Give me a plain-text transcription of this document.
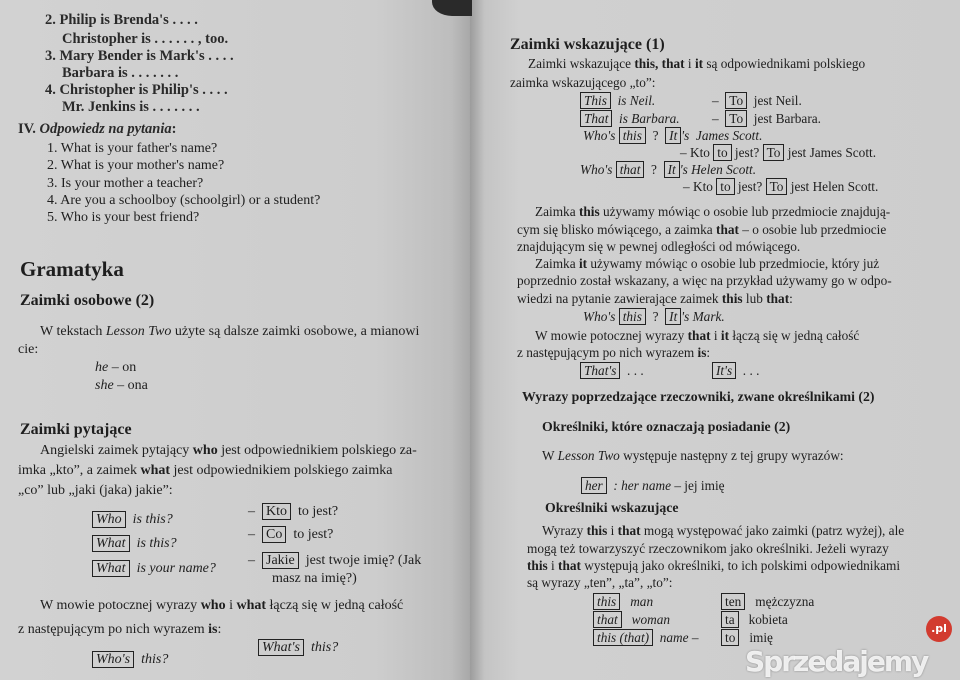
2. Philip is Brenda's . . . .
Christopher is . . . . . . , too.
3. Mary Bender is Mark's . . . .
Barbara is . . . . . . .
4. Christopher is Philip's . . . .
Mr. Jenkins is . . . . . . .
IV. Odpowiedz na pytania:
1. What is your father's name?
2. What is your mother's name?
3. Is your mother a teacher?
4. Are you a schoolboy (schoolgirl) or a student?
5. Who is your best friend?
Gramatyka
Zaimki osobowe (2)
W tekstach Lesson Two użyte są dalsze zaimki osobowe, a mianowi
cie:
he – on
she – ona
Zaimki pytające
Angielski zaimek pytający who jest odpowiednikiem polskiego za-
imka „kto”, a zaimek what jest odpowiednikiem polskiego zaimka
„co” lub „jaki (jaka) jakie”:
Who  is this?
What  is this?
What  is your name?
–  Kto  to jest?
–  Co  to jest?
–  Jakie  jest twoje imię? (Jak
masz na imię?)
W mowie potocznej wyrazy who i what łączą się w jedną całość
z następującym po nich wyrazem is:
Who's  this?
What's  this?
Zaimki wskazujące (1)
Zaimki wskazujące this, that i it są odpowiednikami polskiego
zaimka wskazującego „to”:
This  is Neil.
That  is Barbara.
–  To  jest Neil.
–  To  jest Barbara.
Who's this  ?  It 's  James Scott.
– Kto to jest? To jest James Scott.
Who's that  ?  It 's Helen Scott.
– Kto to jest? To jest Helen Scott.
Zaimka this używamy mówiąc o osobie lub przedmiocie znajdują-
cym się blisko mówiącego, a zaimka that – o osobie lub przedmiocie
znajdującym się w pewnej odległości od mówiącego.
Zaimka it używamy mówiąc o osobie lub przedmiocie, który już
poprzednio został wskazany, a więc na przykład używamy go w odpo-
wiedzi na pytanie zawierające zaimek this lub that:
Who's this  ?  It 's Mark.
W mowie potocznej wyrazy that i it łączą się w jedną całość
z następującym po nich wyrazem is:
That's  . . .	It's  . . .
Wyrazy poprzedzające rzeczowniki, zwane określnikami (2)
Określniki, które oznaczają posiadanie (2)
W Lesson Two występuje następny z tej grupy wyrazów:
her  : her name – jej imię
Określniki wskazujące
Wyrazy this i that mogą występować jako zaimki (patrz wyżej), ale
mogą też towarzyszyć rzeczownikom jako określniki. Jeżeli wyrazy
this i that występują jako określniki, to ich polskimi odpowiednikami
są wyrazy „ten”, „ta”, „to”:
this   man
that   woman
this (that)  name –
ten   mężczyzna
ta   kobieta
to   imię
Sprzedajemy
.pl
